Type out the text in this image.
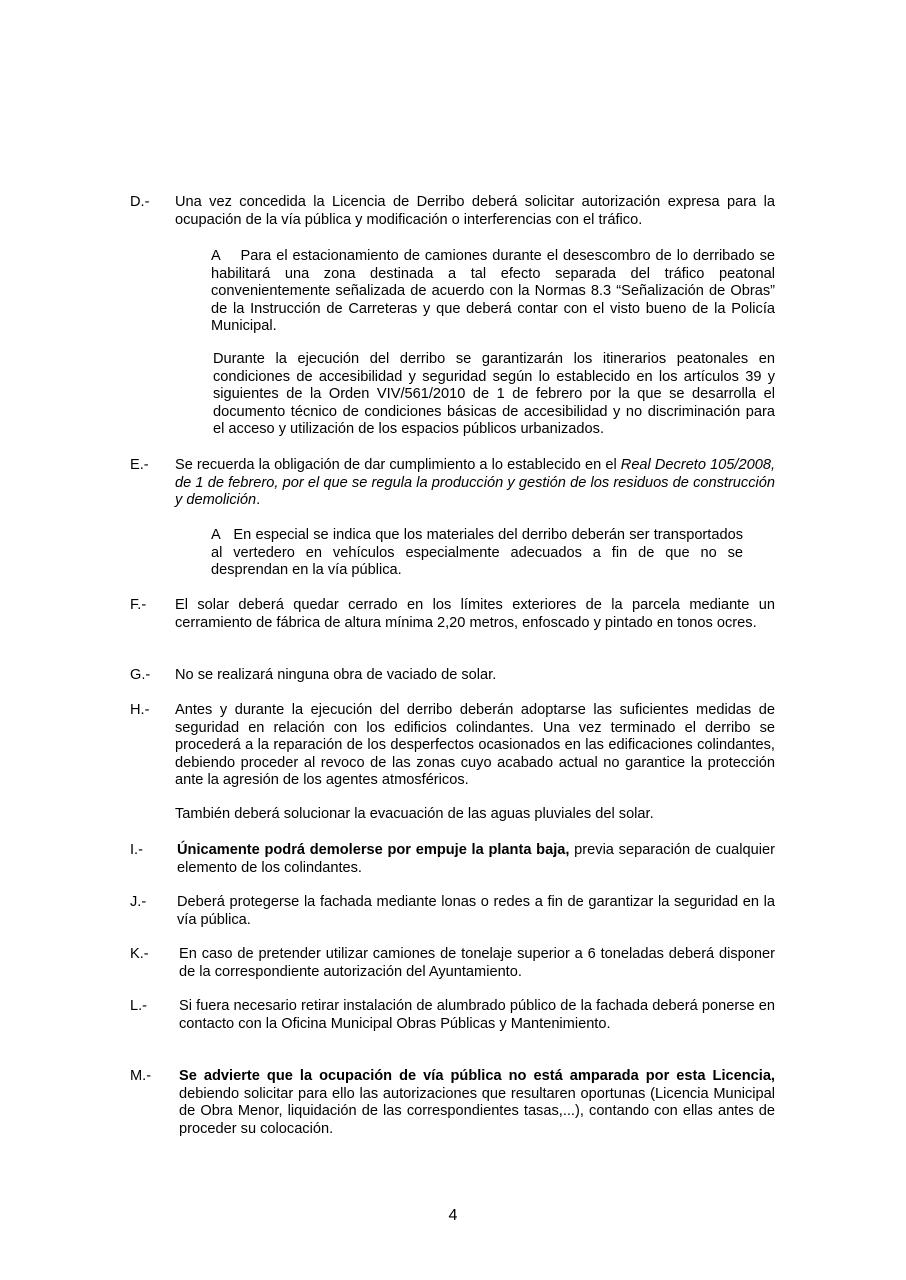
D.- Una vez concedida la Licencia de Derribo deberá solicitar autorización expresa para la ocupación de la vía pública y modificación o interferencias con el tráfico.

A Para el estacionamiento de camiones durante el desescombro de lo derribado se habilitará una zona destinada a tal efecto separada del tráfico peatonal convenientemente señalizada de acuerdo con la Normas 8.3 “Señalización de Obras” de la Instrucción de Carreteras y que deberá contar con el visto bueno de la Policía Municipal.
Durante la ejecución del derribo se garantizarán los itinerarios peatonales en condiciones de accesibilidad y seguridad según lo establecido en los artículos 39 y siguientes de la Orden VIV/561/2010 de 1 de febrero por la que se desarrolla el documento técnico de condiciones básicas de accesibilidad y no discriminación para el acceso y utilización de los espacios públicos urbanizados.
E.- Se recuerda la obligación de dar cumplimiento a lo establecido en el Real Decreto 105/2008, de 1 de febrero, por el que se regula la producción y gestión de los residuos de construcción y demolición.

A En especial se indica que los materiales del derribo deberán ser transportados al vertedero en vehículos especialmente adecuados a fin de que no se desprendan en la vía pública.
F.- El solar deberá quedar cerrado en los límites exteriores de la parcela mediante un cerramiento de fábrica de altura mínima 2,20 metros, enfoscado y pintado en tonos ocres.

G.- No se realizará ninguna obra de vaciado de solar.

H.- Antes y durante la ejecución del derribo deberán adoptarse las suficientes medidas de seguridad en relación con los edificios colindantes. Una vez terminado el derribo se procederá a la reparación de los desperfectos ocasionados en las edificaciones colindantes, debiendo proceder al revoco de las zonas cuyo acabado actual no garantice la protección ante la agresión de los agentes atmosféricos.

También deberá solucionar la evacuación de las aguas pluviales del solar.

I.- Únicamente podrá demolerse por empuje la planta baja, previa separación de cualquier elemento de los colindantes.

J.- Deberá protegerse la fachada mediante lonas o redes a fin de garantizar la seguridad en la vía pública.

K.- En caso de pretender utilizar camiones de tonelaje superior a 6 toneladas deberá disponer de la correspondiente autorización del Ayuntamiento.

L.- Si fuera necesario retirar instalación de alumbrado público de la fachada deberá ponerse en contacto con la Oficina Municipal Obras Públicas y Mantenimiento.

M.- Se advierte que la ocupación de vía pública no está amparada por esta Licencia, debiendo solicitar para ello las autorizaciones que resultaren oportunas (Licencia Municipal de Obra Menor, liquidación de las correspondientes tasas,...), contando con ellas antes de proceder su colocación.

4
